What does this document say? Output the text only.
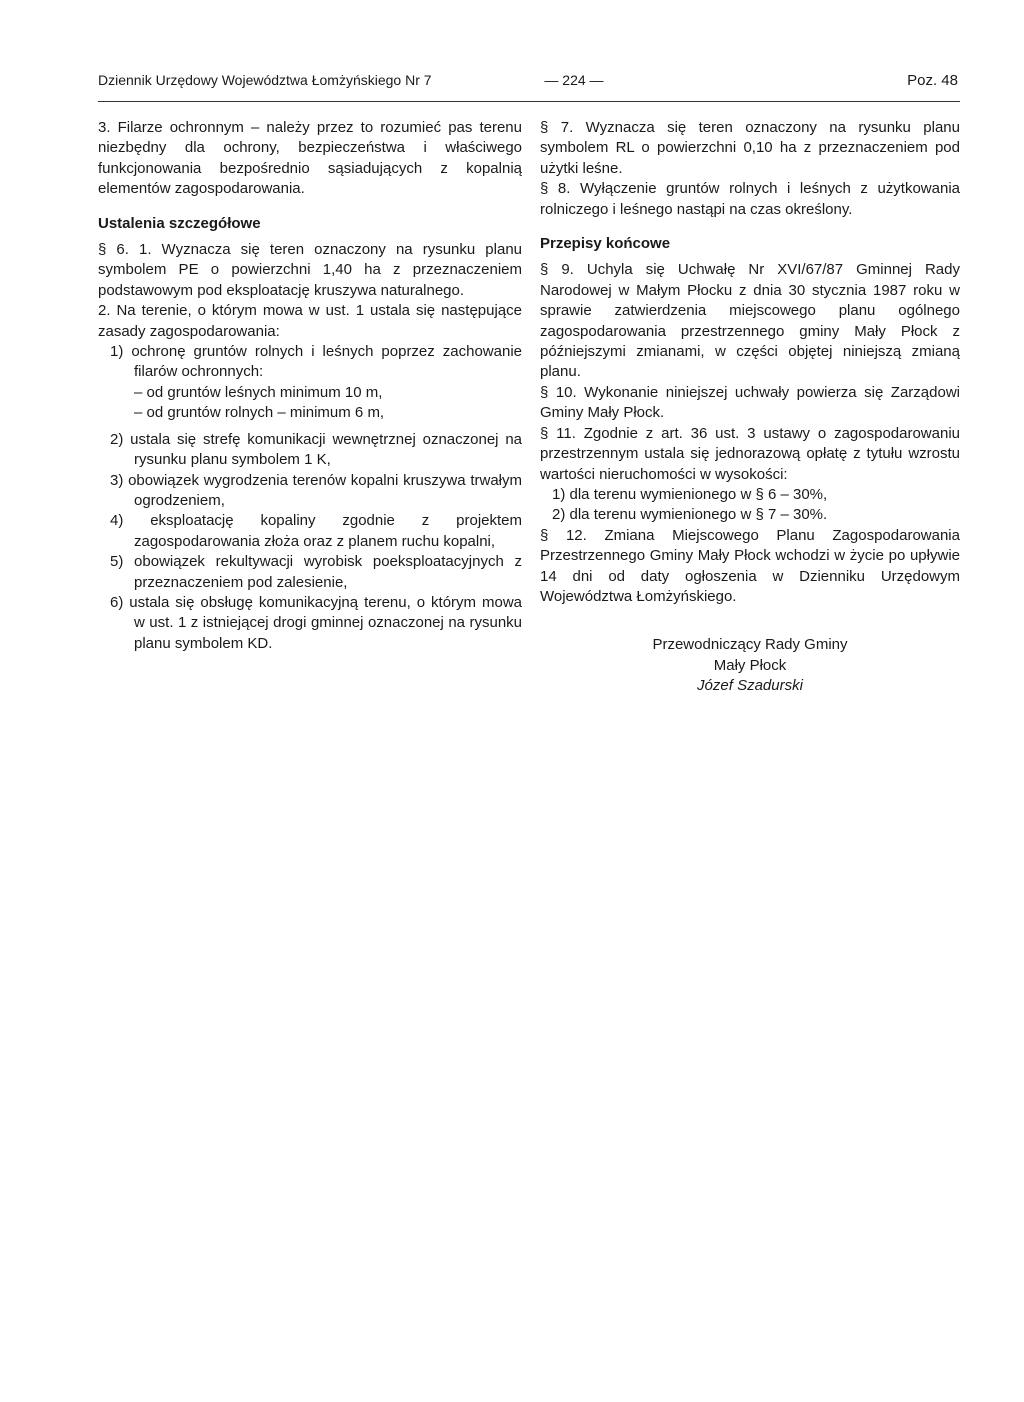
Dziennik Urzędowy Województwa Łomżyńskiego Nr 7	— 224 —	Poz. 48

3. Filarze ochronnym – należy przez to rozumieć pas terenu niezbędny dla ochrony, bezpieczeństwa i właściwego funkcjonowania bezpośrednio sąsiadujących z kopalnią elementów zagospodarowania.

Ustalenia szczegółowe

§ 6. 1. Wyznacza się teren oznaczony na rysunku planu symbolem PE o powierzchni 1,40 ha z przeznaczeniem podstawowym pod eksploatację kruszywa naturalnego.

2. Na terenie, o którym mowa w ust. 1 ustala się następujące zasady zagospodarowania:

1) ochronę gruntów rolnych i leśnych poprzez zachowanie filarów ochronnych:

– od gruntów leśnych minimum 10 m,

– od gruntów rolnych – minimum 6 m,

2) ustala się strefę komunikacji wewnętrznej oznaczonej na rysunku planu symbolem 1 K,

3) obowiązek wygrodzenia terenów kopalni kruszywa trwałym ogrodzeniem,

4) eksploatację kopaliny zgodnie z projektem zagospodarowania złoża oraz z planem ruchu kopalni,

5) obowiązek rekultywacji wyrobisk poeksploatacyjnych z przeznaczeniem pod zalesienie,

6) ustala się obsługę komunikacyjną terenu, o którym mowa w ust. 1 z istniejącej drogi gminnej oznaczonej na rysunku planu symbolem KD.

§ 7. Wyznacza się teren oznaczony na rysunku planu symbolem RL o powierzchni 0,10 ha z przeznaczeniem pod użytki leśne.

§ 8. Wyłączenie gruntów rolnych i leśnych z użytkowania rolniczego i leśnego nastąpi na czas określony.

Przepisy końcowe

§ 9. Uchyla się Uchwałę Nr XVI/67/87 Gminnej Rady Narodowej w Małym Płocku z dnia 30 stycznia 1987 roku w sprawie zatwierdzenia miejscowego planu ogólnego zagospodarowania przestrzennego gminy Mały Płock z późniejszymi zmianami, w części objętej niniejszą zmianą planu.

§ 10. Wykonanie niniejszej uchwały powierza się Zarządowi Gminy Mały Płock.

§ 11. Zgodnie z art. 36 ust. 3 ustawy o zagospodarowaniu przestrzennym ustala się jednorazową opłatę z tytułu wzrostu wartości nieruchomości w wysokości:

1) dla terenu wymienionego w § 6 – 30%,

2) dla terenu wymienionego w § 7 – 30%.

§ 12. Zmiana Miejscowego Planu Zagospodarowania Przestrzennego Gminy Mały Płock wchodzi w życie po upływie 14 dni od daty ogłoszenia w Dzienniku Urzędowym Województwa Łomżyńskiego.

Przewodniczący Rady Gminy

Mały Płock

Józef Szadurski
